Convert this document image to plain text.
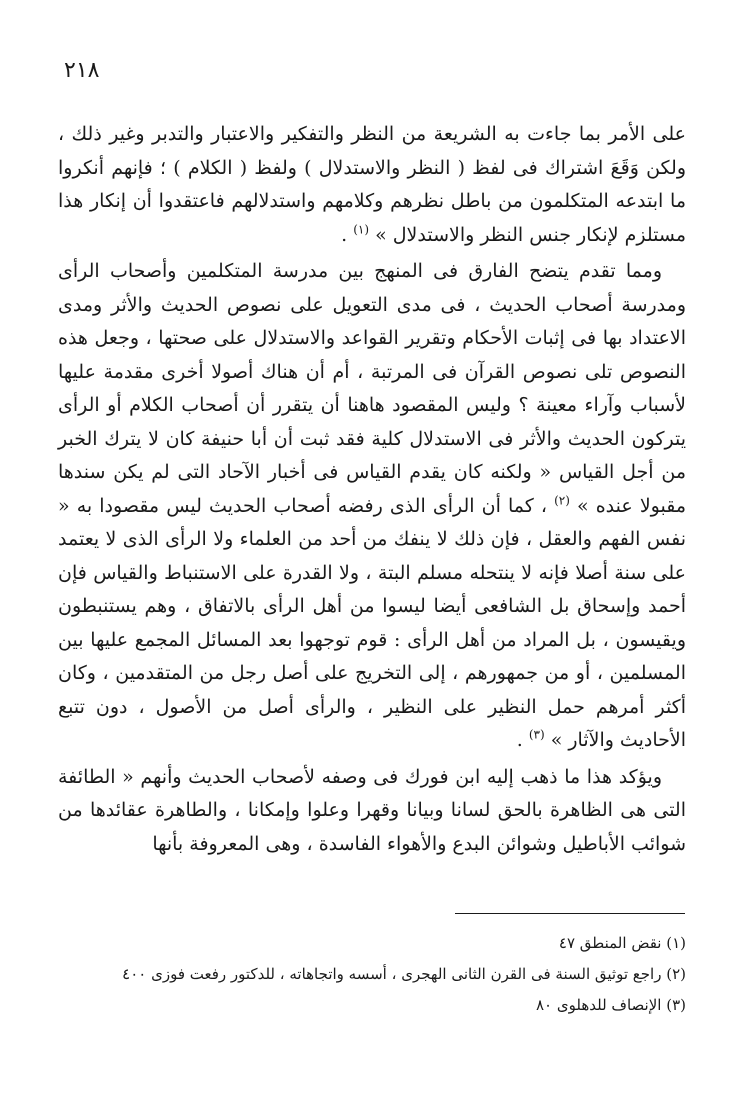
٢١٨

على الأمر بما جاءت به الشريعة من النظر والتفكير والاعتبار والتدبر وغير ذلك ، ولكن وَقَعَ اشتراك فى لفظ ( النظر والاستدلال ) ولفظ ( الكلام ) ؛ فإنهم أنكروا ما ابتدعه المتكلمون من باطل نظرهم وكلامهم واستدلالهم فاعتقدوا أن إنكار هذا مستلزم لإنكار جنس النظر والاستدلال » $^{(١)}$ .

ومما تقدم يتضح الفارق فى المنهج بين مدرسة المتكلمين وأصحاب الرأى ومدرسة أصحاب الحديث ، فى مدى التعويل على نصوص الحديث والأثر ومدى الاعتداد بها فى إثبات الأحكام وتقرير القواعد والاستدلال على صحتها ، وجعل هذه النصوص تلى نصوص القرآن فى المرتبة ، أم أن هناك أصولا أخرى مقدمة عليها لأسباب وآراء معينة ؟ وليس المقصود هاهنا أن يتقرر أن أصحاب الكلام أو الرأى يتركون الحديث والأثر فى الاستدلال كلية فقد ثبت أن أبا حنيفة كان لا يترك الخبر من أجل القياس « ولكنه كان يقدم القياس فى أخبار الآحاد التى لم يكن سندها مقبولا عنده » $^{(٢)}$ ، كما أن الرأى الذى رفضه أصحاب الحديث ليس مقصودا به « نفس الفهم والعقل ، فإن ذلك لا ينفك من أحد من العلماء ولا الرأى الذى لا يعتمد على سنة أصلا فإنه لا ينتحله مسلم البتة ، ولا القدرة على الاستنباط والقياس فإن أحمد وإسحاق بل الشافعى أيضا ليسوا من أهل الرأى بالاتفاق ، وهم يستنبطون ويقيسون ، بل المراد من أهل الرأى : قوم توجهوا بعد المسائل المجمع عليها بين المسلمين ، أو من جمهورهم ، إلى التخريج على أصل رجل من المتقدمين ، وكان أكثر أمرهم حمل النظير على النظير ، والرأى أصل من الأصول ، دون تتبع الأحاديث والآثار » $^{(٣)}$ .

ويؤكد هذا ما ذهب إليه ابن فورك فى وصفه لأصحاب الحديث وأنهم « الطائفة التى هى الظاهرة بالحق لسانا وبيانا وقهرا وعلوا وإمكانا ، والطاهرة عقائدها من شوائب الأباطيل وشوائن البدع والأهواء الفاسدة ، وهى المعروفة بأنها

(١) نقض المنطق ٤٧
(٢) راجع توثيق السنة فى القرن الثانى الهجرى ، أسسه واتجاهاته ، للدكتور رفعت فوزى ٤٠٠
(٣) الإنصاف للدهلوى ٨٠
